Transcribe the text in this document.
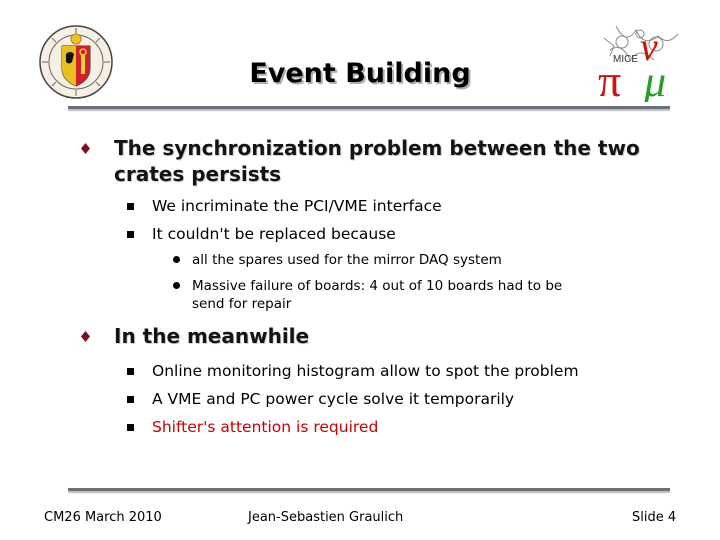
MICE
π
ν
μ
Event Building
The synchronization problem between the two
crates persists
We incriminate the PCI/VME interface
It couldn't be replaced because
all the spares used for the mirror DAQ system
Massive failure of boards: 4 out of 10 boards had to be
send for repair
In the meanwhile
Online monitoring histogram allow to spot the problem
A VME and PC power cycle solve it temporarily
Shifter's attention is required
CM26 March 2010	Jean-Sebastien Graulich	Slide 4
